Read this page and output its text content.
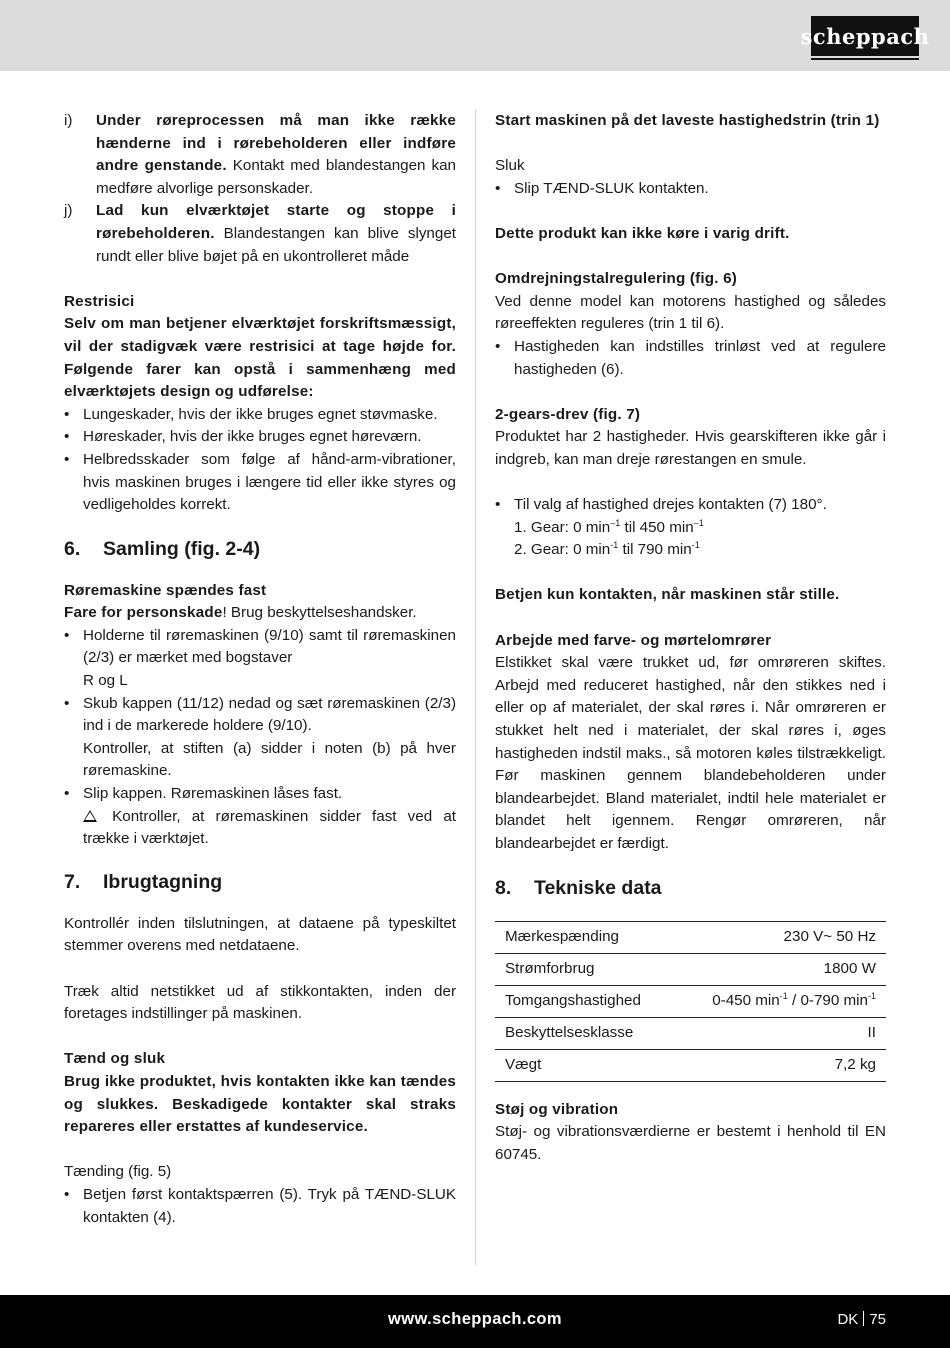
scheppach
i) Under røreprocessen må man ikke række hænderne ind i rørebeholderen eller indføre andre genstande. Kontakt med blandestangen kan medføre alvorlige personskader.
j) Lad kun elværktøjet starte og stoppe i rørebeholderen. Blandestangen kan blive slynget rundt eller blive bøjet på en ukontrolleret måde

Restrisici

Selv om man betjener elværktøjet forskriftsmæssigt, vil der stadigvæk være restrisici at tage højde for. Følgende farer kan opstå i sammenhæng med elværktøjets design og udførelse:

• Lungeskader, hvis der ikke bruges egnet støvmaske.
• Høreskader, hvis der ikke bruges egnet høreværn.
• Helbredsskader som følge af hånd-arm-vibrationer, hvis maskinen bruges i længere tid eller ikke styres og vedligeholdes korrekt.
6.	Samling (fig. 2-4)

Røremaskine spændes fast

Fare for personskade! Brug beskyttelseshandsker.

• Holderne til røremaskinen (9/10) samt til røremaskinen (2/3) er mærket med bogstaver

R og L

• Skub kappen (11/12) nedad og sæt røremaskinen (2/3) ind i de markerede holdere (9/10).

Kontroller, at stiften (a) sidder i noten (b) på hver røremaskine.

• Slip kappen. Røremaskinen låses fast.

Kontroller, at røremaskinen sidder fast ved at trække i værktøjet.

7.	Ibrugtagning

Kontrollér inden tilslutningen, at dataene på typeskiltet stemmer overens med netdataene.

Træk altid netstikket ud af stikkontakten, inden der foretages indstillinger på maskinen.

Tænd og sluk

Brug ikke produktet, hvis kontakten ikke kan tændes og slukkes. Beskadigede kontakter skal straks repareres eller erstattes af kundeservice.

Tænding (fig. 5)

• Betjen først kontaktspærren (5). Tryk på TÆND-SLUK kontakten (4).

Start maskinen på det laveste hastighedstrin (trin 1)

Sluk

• Slip TÆND-SLUK kontakten.

Dette produkt kan ikke køre i varig drift.

Omdrejningstalregulering (fig. 6)

Ved denne model kan motorens hastighed og således røreeffekten reguleres (trin 1 til 6).

• Hastigheden kan indstilles trinløst ved at regulere hastigheden (6).

2-gears-drev (fig. 7)

Produktet har 2 hastigheder. Hvis gearskifteren ikke går i indgreb, kan man dreje rørestangen en smule.

• Til valg af hastighed drejes kontakten (7) 180°.

1. Gear: 0 $\min^{-1}$ til 450 $\min^{-1}$

2. Gear: 0 $\min^{-1}$ til 790 $\min^{-1}$

Betjen kun kontakten, når maskinen står stille.

Arbejde med farve- og mørtelomrører

Elstikket skal være trukket ud, før omrøreren skiftes. Arbejd med reduceret hastighed, når den stikkes ned i eller op af materialet, der skal røres i. Når omrøreren er stukket helt ned i materialet, der skal røres i, øges hastigheden indstil maks., så motoren køles tilstrækkeligt. Før maskinen gennem blandebeholderen under blandearbejdet. Bland materialet, indtil hele materialet er blandet helt igennem. Rengør omrøreren, når blandearbejdet er færdigt.

8.	Tekniske data
Mærkespænding	230 V~ 50 Hz
Strømforbrug	1800 W
Tomgangshastighed	0-450 $\min^{-1} / 0-790$ $\min^{-1}$
Beskyttelsesklasse	II
Vægt	7,2 kg

Støj og vibration

Støj- og vibrationsværdierne er bestemt i henhold til EN 60745.

www.scheppach.com	DK 75
